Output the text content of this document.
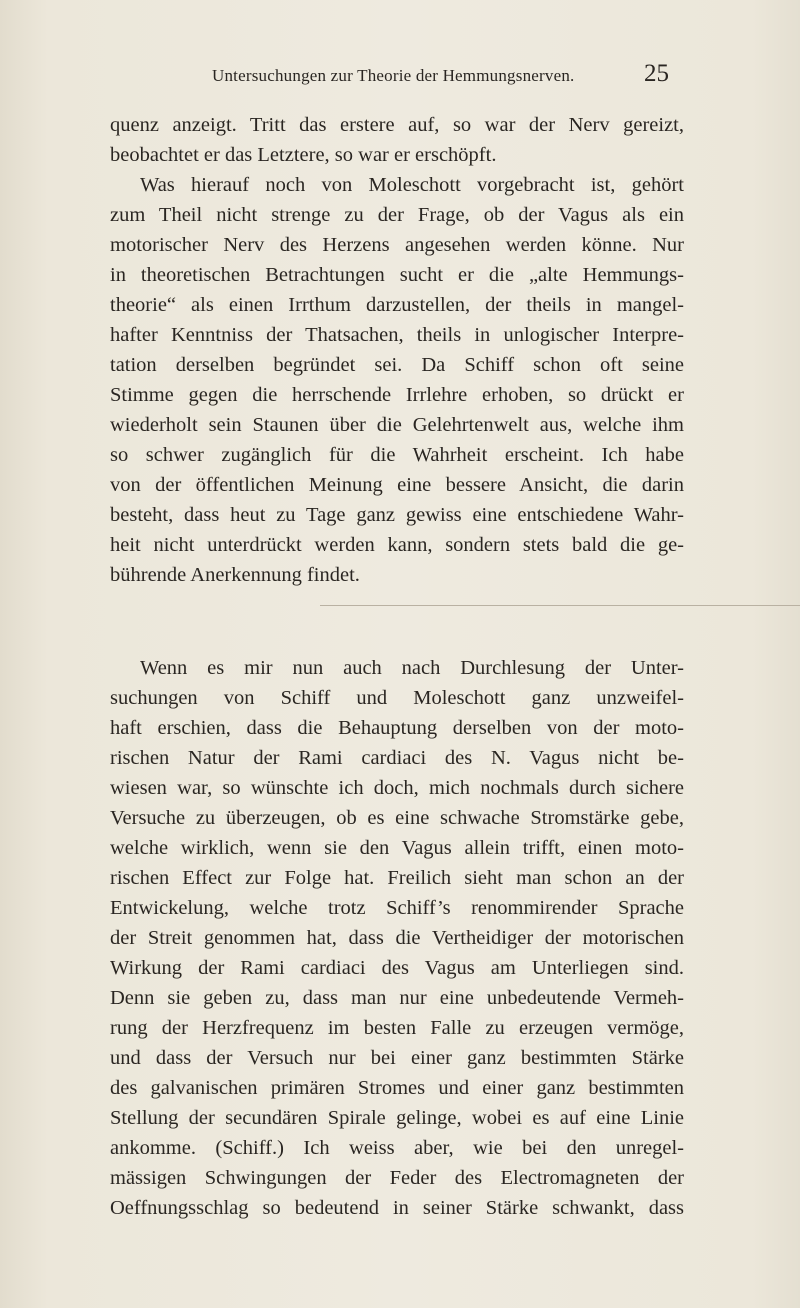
Untersuchungen zur Theorie der Hemmungsnerven.	25
quenz anzeigt. Tritt das erstere auf, so war der Nerv gereizt,
beobachtet er das Letztere, so war er erschöpft.
Was hierauf noch von Moleschott vorgebracht ist, gehört
zum Theil nicht strenge zu der Frage, ob der Vagus als ein
motorischer Nerv des Herzens angesehen werden könne. Nur
in theoretischen Betrachtungen sucht er die „alte Hemmungs-
theorie“ als einen Irrthum darzustellen, der theils in mangel-
hafter Kenntniss der Thatsachen, theils in unlogischer Interpre-
tation derselben begründet sei. Da Schiff schon oft seine
Stimme gegen die herrschende Irrlehre erhoben, so drückt er
wiederholt sein Staunen über die Gelehrtenwelt aus, welche ihm
so schwer zugänglich für die Wahrheit erscheint. Ich habe
von der öffentlichen Meinung eine bessere Ansicht, die darin
besteht, dass heut zu Tage ganz gewiss eine entschiedene Wahr-
heit nicht unterdrückt werden kann, sondern stets bald die ge-
bührende Anerkennung findet.
Wenn es mir nun auch nach Durchlesung der Unter-
suchungen von Schiff und Moleschott ganz unzweifel-
haft erschien, dass die Behauptung derselben von der moto-
rischen Natur der Rami cardiaci des N. Vagus nicht be-
wiesen war, so wünschte ich doch, mich nochmals durch sichere
Versuche zu überzeugen, ob es eine schwache Stromstärke gebe,
welche wirklich, wenn sie den Vagus allein trifft, einen moto-
rischen Effect zur Folge hat. Freilich sieht man schon an der
Entwickelung, welche trotz Schiff’s renommirender Sprache
der Streit genommen hat, dass die Vertheidiger der motorischen
Wirkung der Rami cardiaci des Vagus am Unterliegen sind.
Denn sie geben zu, dass man nur eine unbedeutende Vermeh-
rung der Herzfrequenz im besten Falle zu erzeugen vermöge,
und dass der Versuch nur bei einer ganz bestimmten Stärke
des galvanischen primären Stromes und einer ganz bestimmten
Stellung der secundären Spirale gelinge, wobei es auf eine Linie
ankomme. (Schiff.) Ich weiss aber, wie bei den unregel-
mässigen Schwingungen der Feder des Electromagneten der
Oeffnungsschlag so bedeutend in seiner Stärke schwankt, dass
